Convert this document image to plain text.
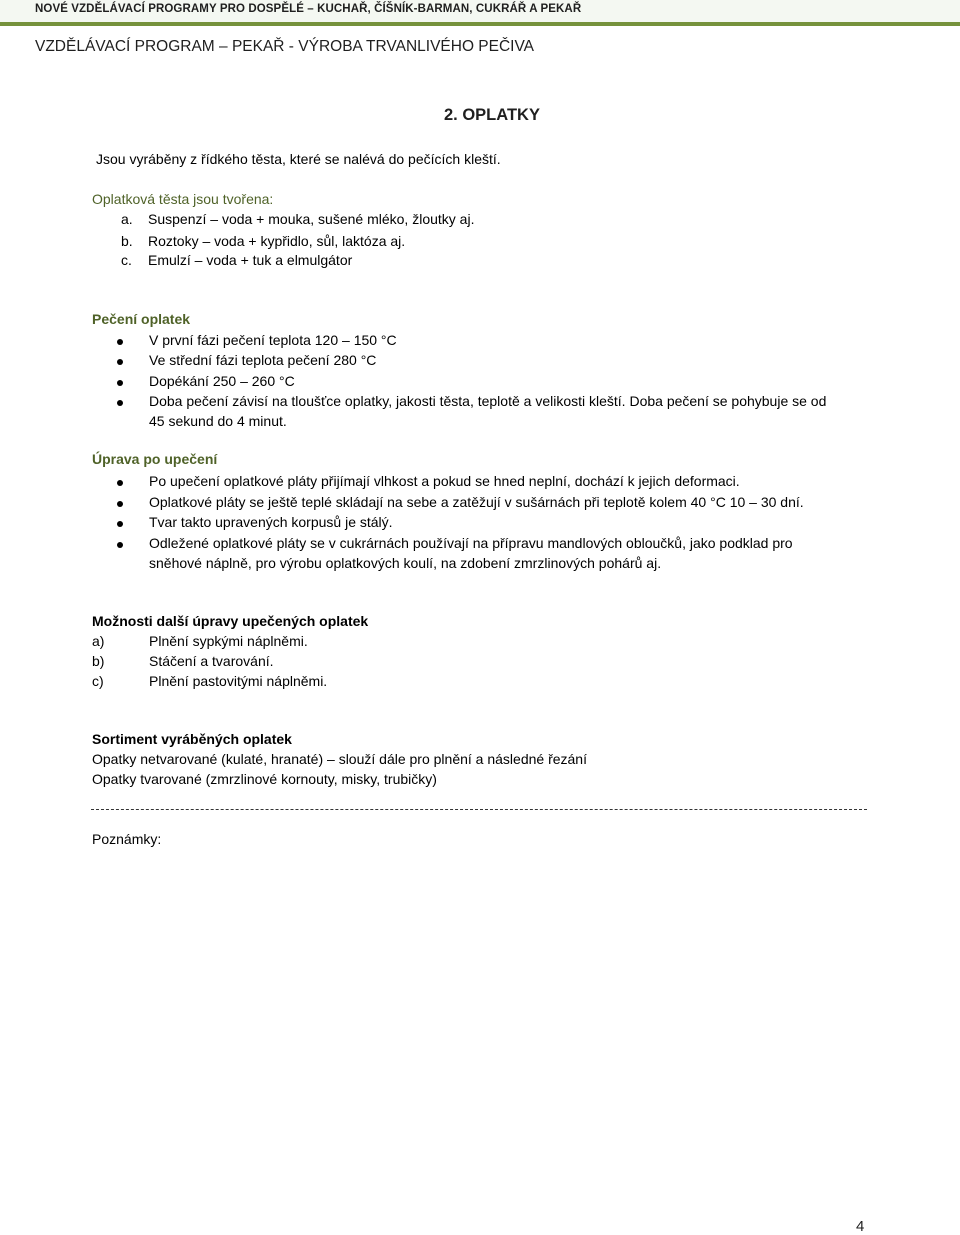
NOVÉ VZDĚLÁVACÍ PROGRAMY PRO DOSPĚLÉ – KUCHAŘ, ČÍŠNÍK-BARMAN, CUKRÁŘ A PEKAŘ
VZDĚLÁVACÍ PROGRAM – PEKAŘ - VÝROBA TRVANLIVÉHO PEČIVA
2. OPLATKY
Jsou vyráběny z řídkého těsta, které se nalévá do pečících kleští.
Oplatková těsta jsou tvořena:
a. Suspenzí – voda + mouka, sušené mléko, žloutky aj.
b. Roztoky – voda + kypřidlo, sůl, laktóza aj.
c. Emulzí – voda + tuk a elmulgátor
Pečení oplatek
V první fázi pečení teplota 120 – 150 °C
Ve střední fázi teplota pečení 280 °C
Dopékání 250 – 260 °C
Doba pečení závisí na tloušťce oplatky, jakosti těsta, teplotě a velikosti kleští. Doba pečení se pohybuje se od
45 sekund do 4 minut.
Úprava po upečení
Po upečení oplatkové pláty přijímají vlhkost a pokud se hned neplní, dochází k jejich deformaci.
Oplatkové pláty se ještě teplé skládají na sebe a zatěžují v sušárnách při teplotě kolem 40 °C 10 – 30 dní.
Tvar takto upravených korpusů je stálý.
Odležené oplatkové pláty se v cukrárnách používají na přípravu mandlových obloučků, jako podklad pro
sněhové náplně, pro výrobu oplatkových koulí, na zdobení zmrzlinových pohárů aj.
Možnosti další úpravy upečených oplatek
a)	Plnění sypkými náplněmi.
b)	Stáčení a tvarování.
c)	Plnění pastovitými náplněmi.
Sortiment vyráběných oplatek
Opatky netvarované (kulaté, hranaté) – slouží dále pro plnění a následné řezání
Opatky tvarované (zmrzlinové kornouty, misky, trubičky)
Poznámky:
4
